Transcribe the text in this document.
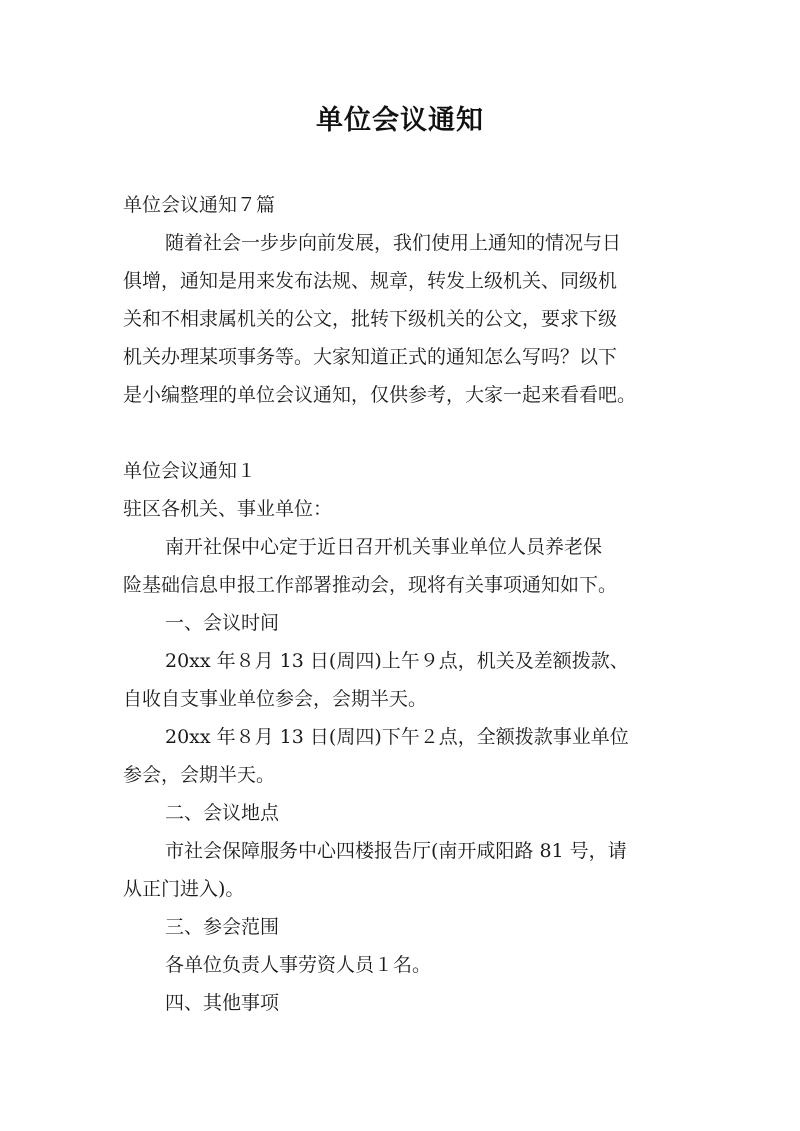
单位会议通知
单位会议通知７篇
随着社会一步步向前发展，我们使用上通知的情况与日
俱增，通知是用来发布法规、规章，转发上级机关、同级机
关和不相隶属机关的公文，批转下级机关的公文，要求下级
机关办理某项事务等。大家知道正式的通知怎么写吗？以下
是小编整理的单位会议通知，仅供参考，大家一起来看看吧。
单位会议通知１
驻区各机关、事业单位：
南开社保中心定于近日召开机关事业单位人员养老保
险基础信息申报工作部署推动会，现将有关事项通知如下。
一、会议时间
20xx 年８月 13 日(周四)上午９点，机关及差额拨款、
自收自支事业单位参会，会期半天。
20xx 年８月 13 日(周四)下午２点，全额拨款事业单位
参会，会期半天。
二、会议地点
市社会保障服务中心四楼报告厅(南开咸阳路 81 号，请
从正门进入)。
三、参会范围
各单位负责人事劳资人员１名。
四、其他事项
